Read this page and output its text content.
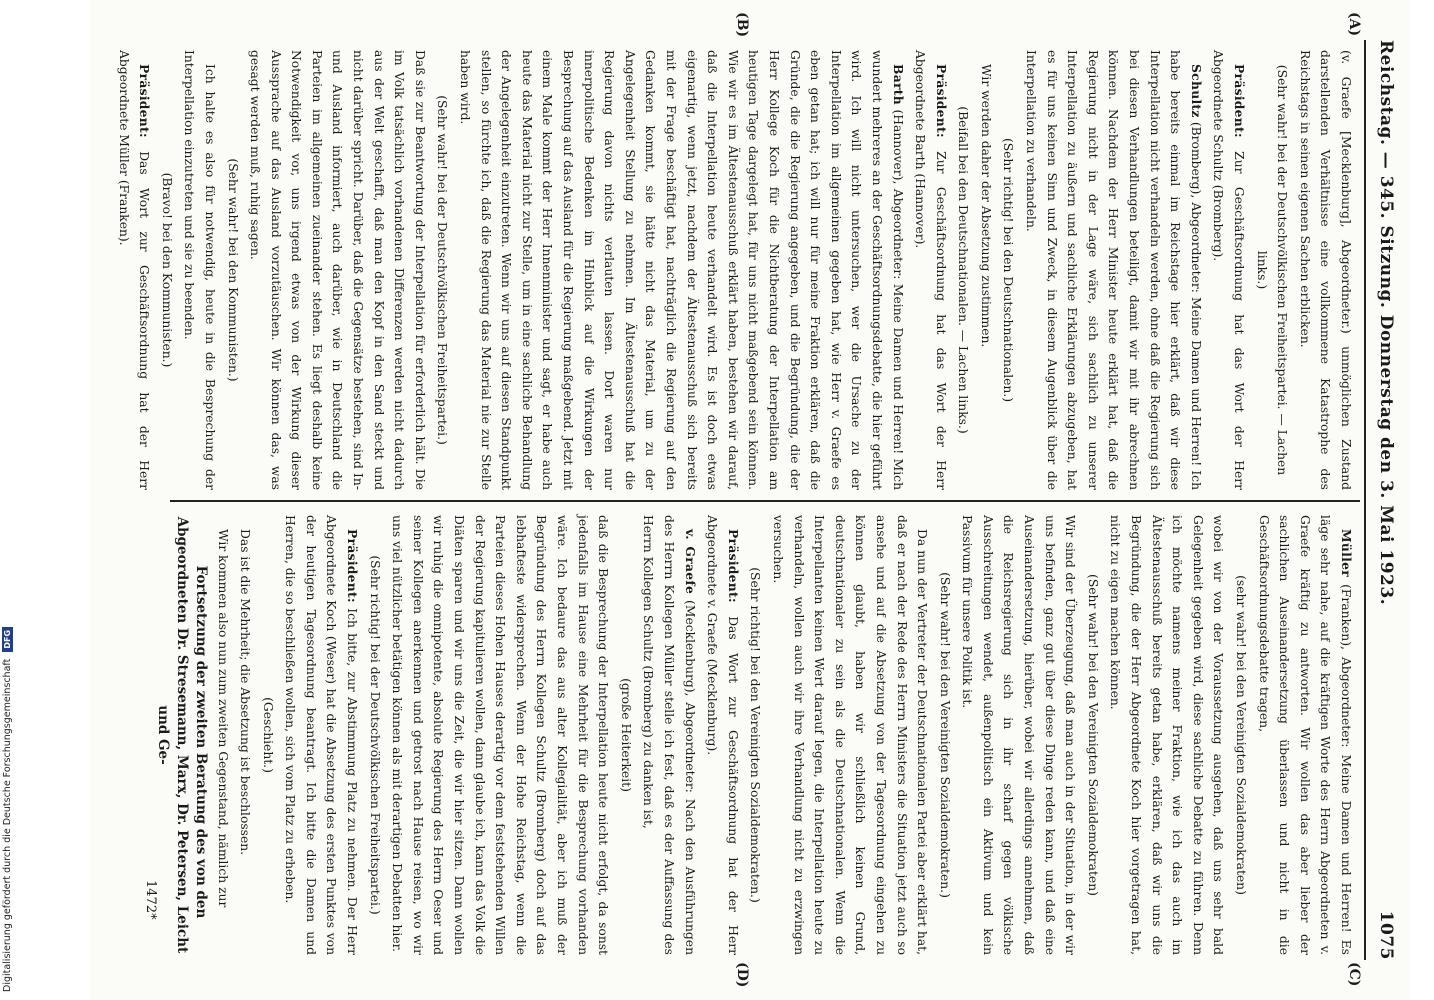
Reichstag. — 345. Sitzung. Donnerstag den 3. Mai 1923.
1075
(A)
(B)
(C)
(D)

(v. Graefe [Mecklenburg], Abgeordneter.) unmöglichen Zustand darstellenden Verhältnisse eine vollkommene Katastrophe des Reichstags in seinen eigenen Sachen erblicken.

(Sehr wahr! bei der Deutschvölkischen Freiheitspartei. — Lachen links.)

Präsident: Zur Geschäftsordnung hat das Wort der Herr Abgeordnete Schultz (Bromberg).

Schultz (Bromberg), Abgeordneter: Meine Damen und Herren! Ich habe bereits einmal im Reichstage hier erklärt, daß wir diese Interpellation nicht verhandeln werden, ohne daß die Regierung sich bei diesen Verhandlungen beteiligt, damit wir mit ihr abrechnen können. Nachdem der Herr Minister heute erklärt hat, daß die Regierung nicht in der Lage wäre, sich sachlich zu unserer Interpellation zu äußern und sachliche Erklärungen abzugeben, hat es für uns keinen Sinn und Zweck, in diesem Augenblick über die Interpellation zu verhandeln.

(Sehr richtig! bei den Deutschnationalen.)

Wir werden daher der Absetzung zustimmen.

(Beifall bei den Deutschnationalen. — Lachen links.)

Präsident: Zur Geschäftsordnung hat das Wort der Herr Abgeordnete Barth (Hannover).

Barth (Hannover), Abgeordneter: Meine Damen und Herren! Mich wundert mehreres an der Geschäftsordnungsdebatte, die hier geführt wird. Ich will nicht untersuchen, wer die Ursache zu der Interpellation im allgemeinen gegeben hat, wie Herr v. Graefe es eben getan hat; ich will nur für meine Fraktion erklären, daß die Gründe, die die Regierung angegeben, und die Begründung, die der Herr Kollege Koch für die Nichtberatung der Interpellation am heutigen Tage dargelegt hat, für uns nicht maßgebend sein können. Wie wir es im Ältestenausschuß erklärt haben, bestehen wir darauf, daß die Interpellation heute verhandelt wird. Es ist doch etwas eigenartig, wenn jetzt, nachdem der Ältestenausschuß sich bereits mit der Frage beschäftigt hat, nachträglich die Regierung auf den Gedanken kommt, sie hätte nicht das Material, um zu der Angelegenheit Stellung zu nehmen. Im Ältestenausschuß hat die Regierung davon nichts verlauten lassen. Dort waren nur innerpolitische Bedenken im Hinblick auf die Wirkungen der Besprechung auf das Ausland für die Regierung maßgebend. Jetzt mit einem Male kommt der Herr Innenminister und sagt, er habe auch heute das Material nicht zur Stelle, um in eine sachliche Behandlung der Angelegenheit einzutreten. Wenn wir uns auf diesen Standpunkt stellen, so fürchte ich, daß die Regierung das Material nie zur Stelle haben wird.

(Sehr wahr! bei der Deutschvölkischen Freiheitspartei.)

Daß sie zur Beantwortung der Interpellation für erforderlich hält. Die im Volk tatsächlich vorhandenen Differenzen werden nicht dadurch aus der Welt geschafft, daß man den Kopf in den Sand steckt und nicht darüber spricht. Darüber, daß die Gegensätze bestehen, sind In- und Ausland informiert, auch darüber, wie in Deutschland die Parteien im allgemeinen zueinander stehen. Es liegt deshalb keine Notwendigkeit vor, uns irgend etwas von der Wirkung dieser Aussprache auf das Ausland vorzutäuschen. Wir können das, was gesagt werden muß, ruhig sagen.

(Sehr wahr! bei den Kommunisten.)

Ich halte es also für notwendig, heute in die Besprechung der Interpellation einzutreten und sie zu beenden.

(Bravo! bei den Kommunisten.)

Präsident: Das Wort zur Geschäftsordnung hat der Herr Abgeordnete Müller (Franken).

Müller (Franken), Abgeordneter: Meine Damen und Herren! Es läge sehr nahe, auf die kräftigen Worte des Herrn Abgeordneten v. Graefe kräftig zu antworten. Wir wollen das aber lieber der sachlichen Auseinandersetzung überlassen und nicht in die Geschäftsordnungsdebatte tragen,

(sehr wahr! bei den Vereinigten Sozialdemokraten)

wobei wir von der Voraussetzung ausgehen, daß uns sehr bald Gelegenheit gegeben wird, diese sachliche Debatte zu führen. Denn ich möchte namens meiner Fraktion, wie ich das auch im Ältestenausschuß bereits getan habe, erklären, daß wir uns die Begründung, die der Herr Abgeordnete Koch hier vorgetragen hat, nicht zu eigen machen können.

(Sehr wahr! bei den Vereinigten Sozialdemokraten)

Wir sind der Überzeugung, daß man auch in der Situation, in der wir uns befinden, ganz gut über diese Dinge reden kann, und daß eine Auseinandersetzung, hierüber, wobei wir allerdings annehmen, daß die Reichsregierung sich in ihr scharf gegen völkische Ausschreitungen wendet, außenpolitisch ein Aktivum und kein Passivum für unsere Politik ist.

(Sehr wahr! bei den Vereinigten Sozialdemokraten.)

Da nun der Vertreter der Deutschnationalen Partei aber erklärt hat, daß er nach der Rede des Herrn Ministers die Situation jetzt auch so ansehe und auf die Absetzung von der Tagesordnung eingehen zu können glaubt, haben wir schließlich keinen Grund, deutschnationaler zu sein als die Deutschnationalen. Wenn die Interpellanten keinen Wert darauf legen, die Interpellation heute zu verhandeln, wollen auch wir ihre Verhandlung nicht zu erzwingen versuchen.

(Sehr richtig! bei den Vereinigten Sozialdemokraten.)

Präsident: Das Wort zur Geschäftsordnung hat der Herr Abgeordnete v. Graefe (Mecklenburg).

v. Graefe (Mecklenburg), Abgeordneter: Nach den Ausführungen des Herrn Kollegen Müller stelle ich fest, daß es der Auffassung des Herrn Kollegen Schultz (Bromberg) zu danken ist,

(große Heiterkeit)

daß die Besprechung der Interpellation heute nicht erfolgt, da sonst jedenfalls im Hause eine Mehrheit für die Besprechung vorhanden wäre. Ich bedaure das aus alter Kollegialität, aber ich muß der Begründung des Herrn Kollegen Schultz (Bromberg) doch auf das lebhafteste widersprechen. Wenn der Hohe Reichstag, wenn die Parteien dieses Hohen Hauses derartig vor dem feststehenden Willen der Regierung kapitulieren wollen, dann glaube ich, kann das Volk die Diäten sparen und wir uns die Zeit, die wir hier sitzen. Dann wollen wir ruhig die omnipotente, absolute Regierung des Herrn Oeser und seiner Kollegen anerkennen und getrost nach Hause reisen, wo wir uns viel nützlicher betätigen können als mit derartigen Debatten hier.

(Sehr richtig! bei der Deutschvölkischen Freiheitspartei.)

Präsident: Ich bitte, zur Abstimmung Platz zu nehmen. Der Herr Abgeordnete Koch (Weser) hat die Absetzung des ersten Punktes von der heutigen Tagesordnung beantragt. Ich bitte die Damen und Herren, die so beschließen wollen, sich vom Platz zu erheben.

(Geschieht.)

Das ist die Mehrheit; die Absetzung ist beschlossen.

Wir kommen also nun zum zweiten Gegenstand, nämlich zur

Fortsetzung der zweiten Beratung des von den Abgeordneten Dr. Stresemann, Marx, Dr. Petersen, Leicht und Ge-

1472*
Digitalisierung gefördert durch die Deutsche Forschungsgemeinschaft DFG
